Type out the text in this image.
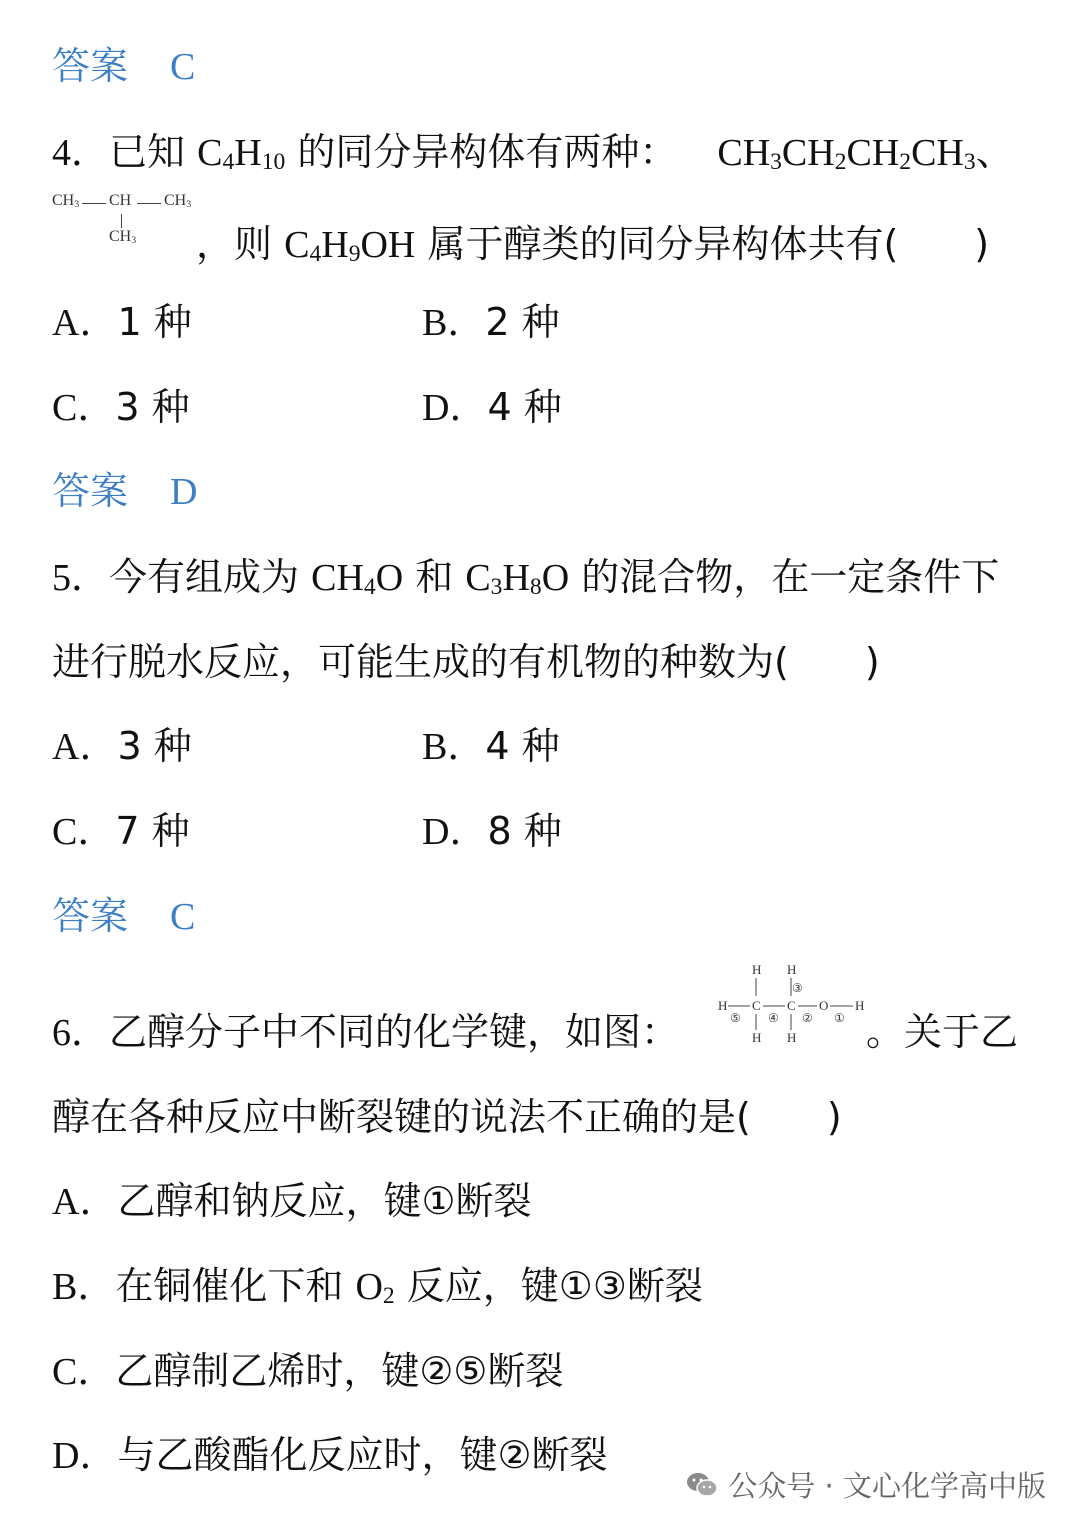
答案 C
4．已知 $C_4H_{10}$ 的同分异构体有两种： $CH_3CH_2CH_2CH_3$、
$CH_3$ CH $CH_3$
$CH_3$ ，则 $C_4H_9OH$ 属于醇类的同分异构体共有(　　)
A．1 种	B．2 种
C．3 种	D．4 种
答案 D
5．今有组成为 $CH_4O$ 和 $C_3H_8O$ 的混合物，在一定条件下
进行脱水反应，可能生成的有机物的种数为(　　)
A．3 种	B．4 种
C．7 种	D．8 种
答案 C
6．乙醇分子中不同的化学键，如图：	。关于乙
H H
H C C O H
H H
③
⑤ ④ ② ①
醇在各种反应中断裂键的说法不正确的是(　　)
A．乙醇和钠反应，键①断裂
B．在铜催化下和 $O_2$ 反应，键①③断裂
C．乙醇制乙烯时，键②⑤断裂
D．与乙酸酯化反应时，键②断裂
公众号 · 文心化学高中版
